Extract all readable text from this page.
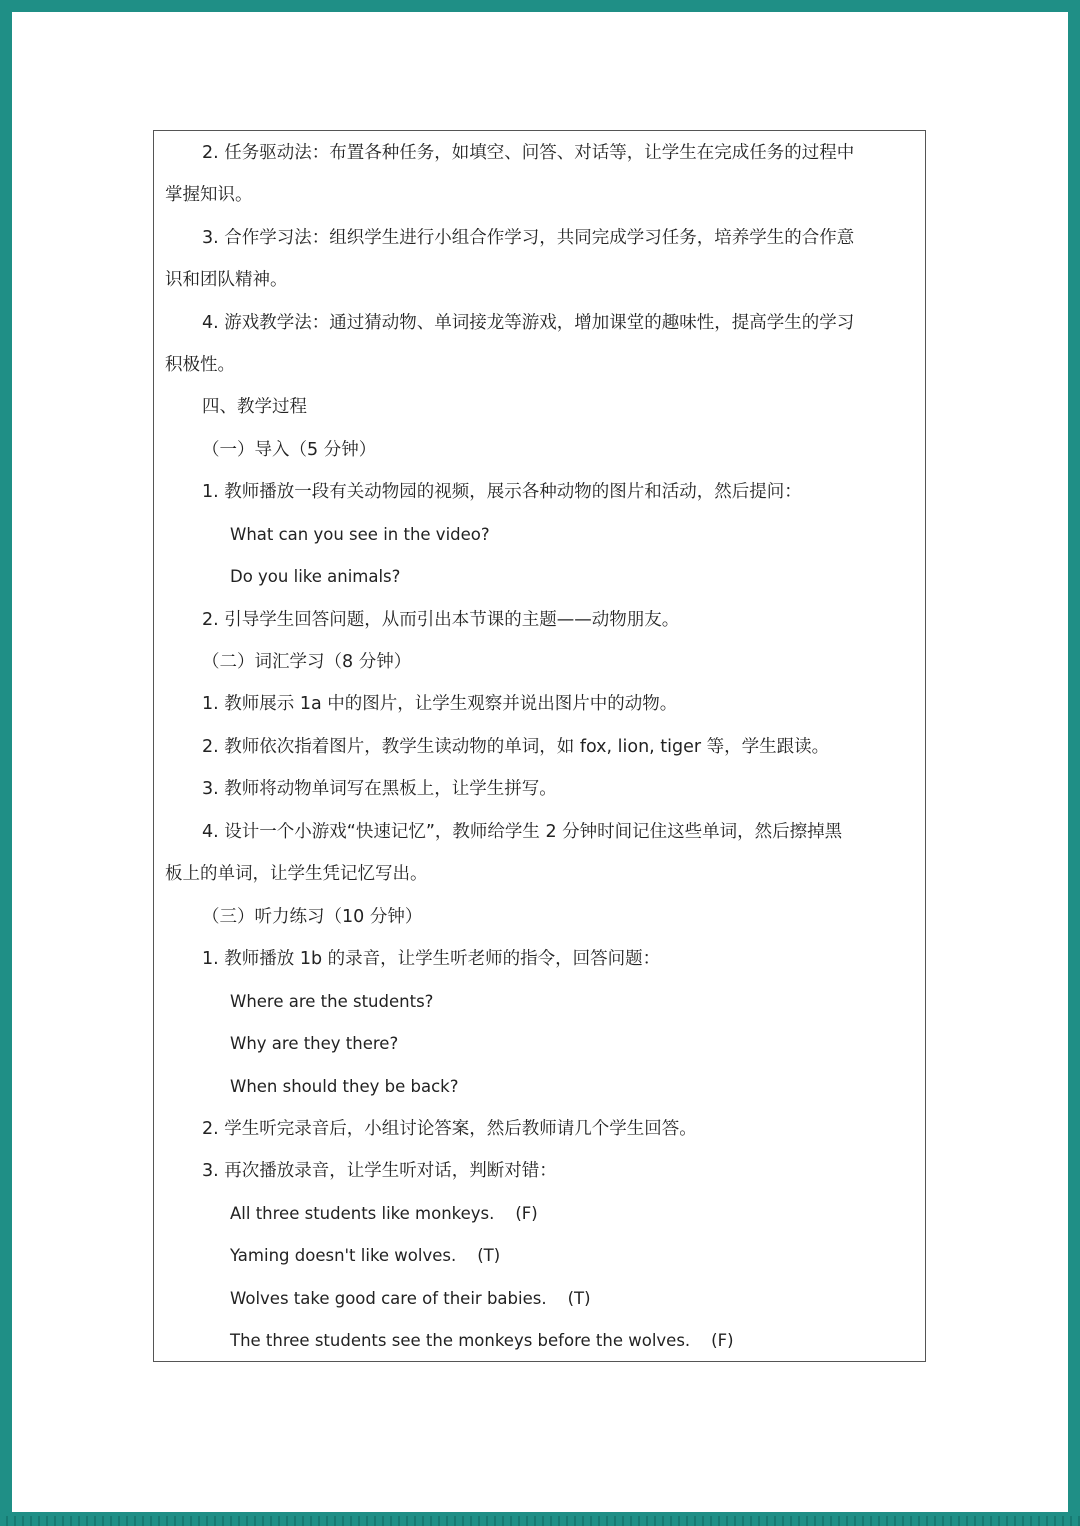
2. 任务驱动法：布置各种任务，如填空、问答、对话等，让学生在完成任务的过程中
掌握知识。
3. 合作学习法：组织学生进行小组合作学习，共同完成学习任务，培养学生的合作意
识和团队精神。
4. 游戏教学法：通过猜动物、单词接龙等游戏，增加课堂的趣味性，提高学生的学习
积极性。
四、教学过程
（一）导入（5 分钟）
1. 教师播放一段有关动物园的视频，展示各种动物的图片和活动，然后提问：
What can you see in the video?
Do you like animals?
2. 引导学生回答问题，从而引出本节课的主题——动物朋友。
（二）词汇学习（8 分钟）
1. 教师展示 1a 中的图片，让学生观察并说出图片中的动物。
2. 教师依次指着图片，教学生读动物的单词，如 fox, lion, tiger 等，学生跟读。
3. 教师将动物单词写在黑板上，让学生拼写。
4. 设计一个小游戏“快速记忆”，教师给学生 2 分钟时间记住这些单词，然后擦掉黑
板上的单词，让学生凭记忆写出。
（三）听力练习（10 分钟）
1. 教师播放 1b 的录音，让学生听老师的指令，回答问题：
Where are the students?
Why are they there?
When should they be back?
2. 学生听完录音后，小组讨论答案，然后教师请几个学生回答。
3. 再次播放录音，让学生听对话，判断对错：
All three students like monkeys.    (F)
Yaming doesn't like wolves.    (T)
Wolves take good care of their babies.    (T)
The three students see the monkeys before the wolves.    (F)
